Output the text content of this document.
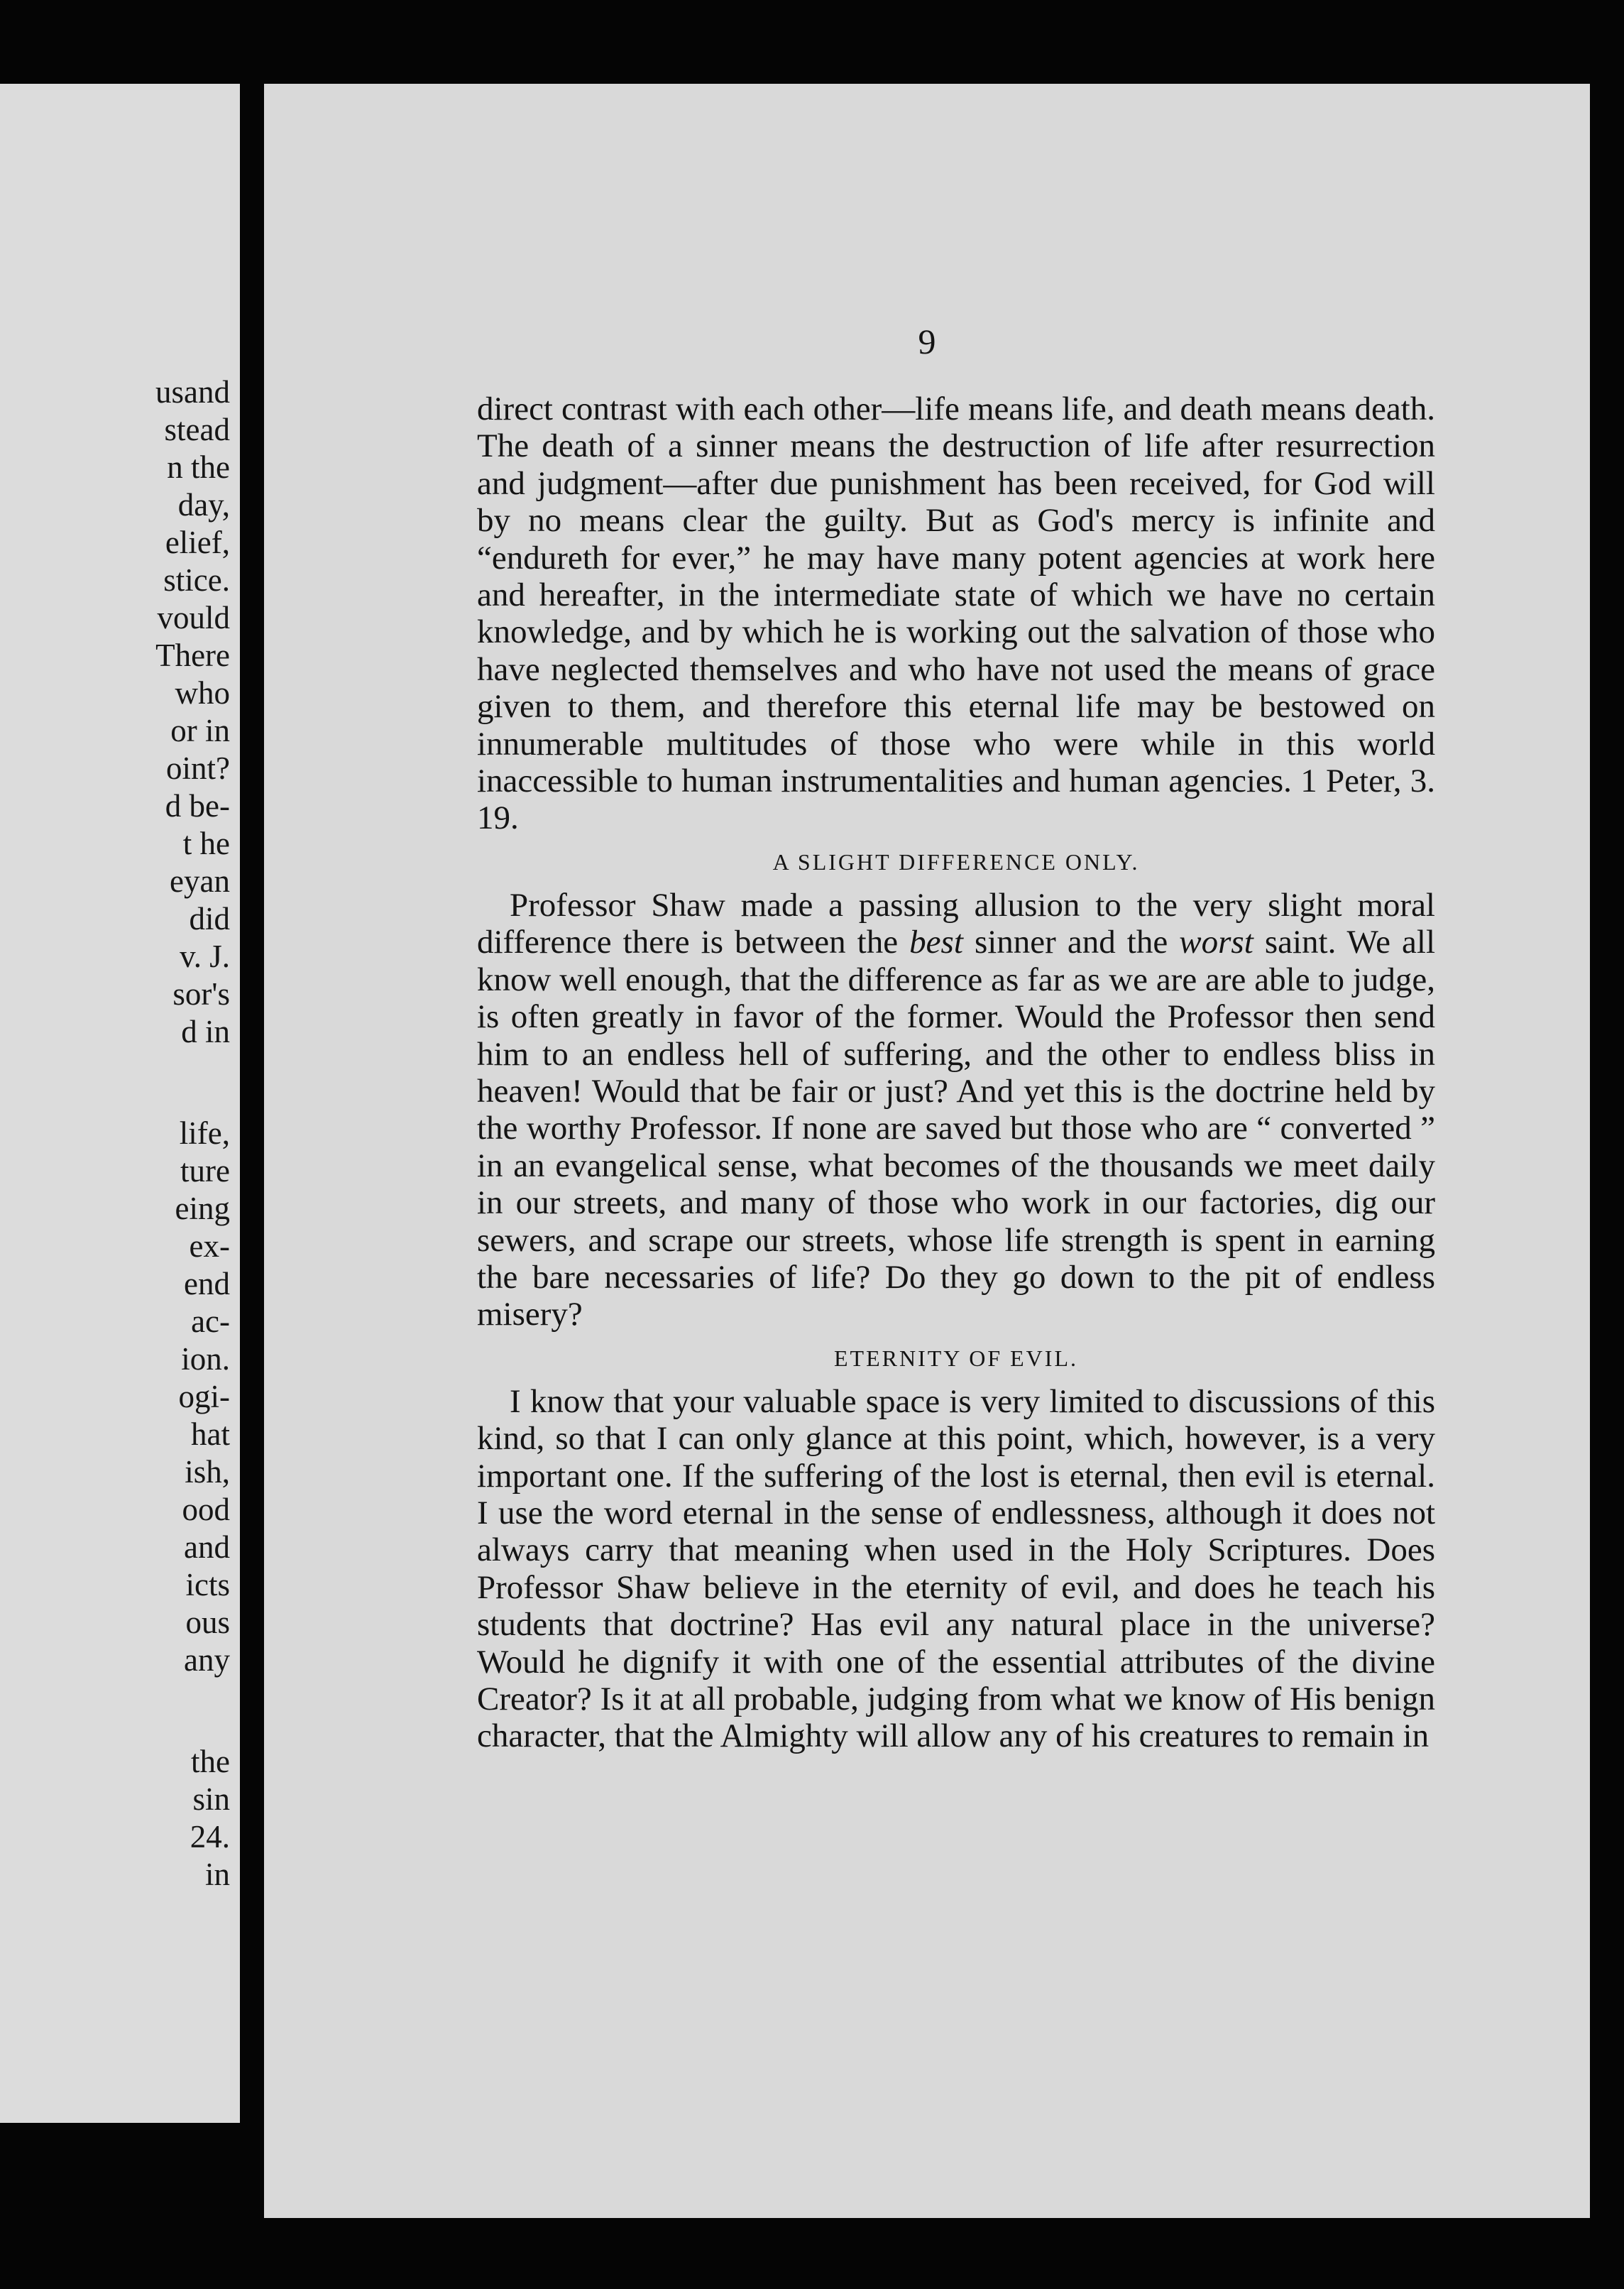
usand
stead
n the
day,
elief,
stice.
vould
There
who
or in
oint?
d be-
t he
eyan
did
v. J.
sor's
d in
life,
ture
eing
ex-
end
ac-
ion.
ogi-
hat
ish,
ood
and
icts
ous
any
the
sin
24.
in
9

direct contrast with each other—life means life, and death means death. The death of a sinner means the destruction of life after resurrection and judgment—after due punishment has been received, for God will by no means clear the guilty. But as God's mercy is infinite and “endureth for ever,” he may have many potent agencies at work here and hereafter, in the intermediate state of which we have no certain knowledge, and by which he is working out the salvation of those who have neglected themselves and who have not used the means of grace given to them, and therefore this eternal life may be bestowed on innumerable multitudes of those who were while in this world inaccessible to human instrumentalities and human agencies. 1 Peter, 3. 19.

A SLIGHT DIFFERENCE ONLY.

Professor Shaw made a passing allusion to the very slight moral difference there is between the best sinner and the worst saint. We all know well enough, that the difference as far as we are are able to judge, is often greatly in favor of the former. Would the Professor then send him to an endless hell of suffering, and the other to endless bliss in heaven! Would that be fair or just? And yet this is the doctrine held by the worthy Professor. If none are saved but those who are “ converted ” in an evangelical sense, what becomes of the thousands we meet daily in our streets, and many of those who work in our factories, dig our sewers, and scrape our streets, whose life strength is spent in earning the bare necessaries of life? Do they go down to the pit of endless misery?

ETERNITY OF EVIL.

I know that your valuable space is very limited to discussions of this kind, so that I can only glance at this point, which, however, is a very important one. If the suffering of the lost is eternal, then evil is eternal. I use the word eternal in the sense of endlessness, although it does not always carry that meaning when used in the Holy Scriptures. Does Professor Shaw believe in the eternity of evil, and does he teach his students that doctrine? Has evil any natural place in the universe? Would he dignify it with one of the essential attributes of the divine Creator? Is it at all probable, judging from what we know of His benign character, that the Almighty will allow any of his creatures to remain in
